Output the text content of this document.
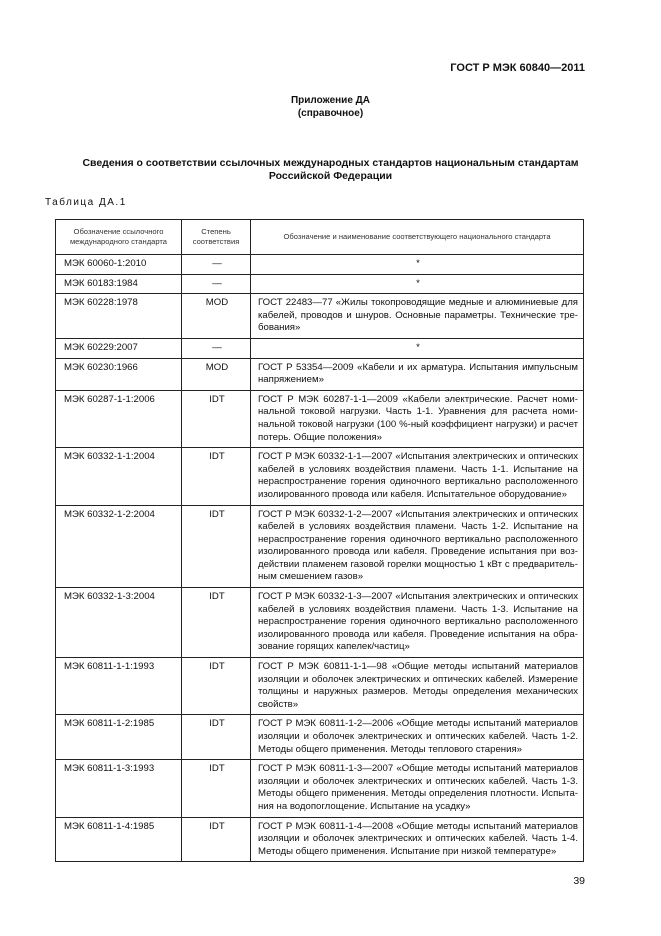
ГОСТ Р МЭК 60840—2011
Приложение ДА
(справочное)
Сведения о соответствии ссылочных международных стандартов национальным стандартам Российской Федерации
Таблица ДА.1
Обозначение ссылочного международного стандарта	Степень соответствия	Обозначение и наименование соответствующего национального стандарта
МЭК 60060-1:2010	—	*
МЭК 60183:1984	—	*
МЭК 60228:1978	MOD	ГОСТ 22483—77 «Жилы токопроводящие медные и алюминиевые для кабелей, проводов и шнуров. Основные параметры. Технические требования»
МЭК 60229:2007	—	*
МЭК 60230:1966	MOD	ГОСТ Р 53354—2009 «Кабели и их арматура. Испытания импульсным напряжением»
МЭК 60287-1-1:2006	IDT	ГОСТ Р МЭК 60287-1-1—2009 «Кабели электрические. Расчет номинальной токовой нагрузки. Часть 1-1. Уравнения для расчета номинальной токовой нагрузки (100 %-ный коэффициент нагрузки) и расчет потерь. Общие положения»
МЭК 60332-1-1:2004	IDT	ГОСТ Р МЭК 60332-1-1—2007 «Испытания электрических и оптических кабелей в условиях воздействия пламени. Часть 1-1. Испытание на нераспространение горения одиночного вертикально расположенного изолированного провода или кабеля. Испытательное оборудование»
МЭК 60332-1-2:2004	IDT	ГОСТ Р МЭК 60332-1-2—2007 «Испытания электрических и оптических кабелей в условиях воздействия пламени. Часть 1-2. Испытание на нераспространение горения одиночного вертикально расположенного изолированного провода или кабеля. Проведение испытания при воздействии пламенем газовой горелки мощностью 1 кВт с предварительным смешением газов»
МЭК 60332-1-3:2004	IDT	ГОСТ Р МЭК 60332-1-3—2007 «Испытания электрических и оптических кабелей в условиях воздействия пламени. Часть 1-3. Испытание на нераспространение горения одиночного вертикально расположенного изолированного провода или кабеля. Проведение испытания на образование горящих капелек/частиц»
МЭК 60811-1-1:1993	IDT	ГОСТ Р МЭК 60811-1-1—98 «Общие методы испытаний материалов изоляции и оболочек электрических и оптических кабелей. Измерение толщины и наружных размеров. Методы определения механических свойств»
МЭК 60811-1-2:1985	IDT	ГОСТ Р МЭК 60811-1-2—2006 «Общие методы испытаний материалов изоляции и оболочек электрических и оптических кабелей. Часть 1-2. Методы общего применения. Методы теплового старения»
МЭК 60811-1-3:1993	IDT	ГОСТ Р МЭК 60811-1-3—2007 «Общие методы испытаний материалов изоляции и оболочек электрических и оптических кабелей. Часть 1-3. Методы общего применения. Методы определения плотности. Испытания на водопоглощение. Испытание на усадку»
МЭК 60811-1-4:1985	IDT	ГОСТ Р МЭК 60811-1-4—2008 «Общие методы испытаний материалов изоляции и оболочек электрических и оптических кабелей. Часть 1-4. Методы общего применения. Испытание при низкой температуре»
39
